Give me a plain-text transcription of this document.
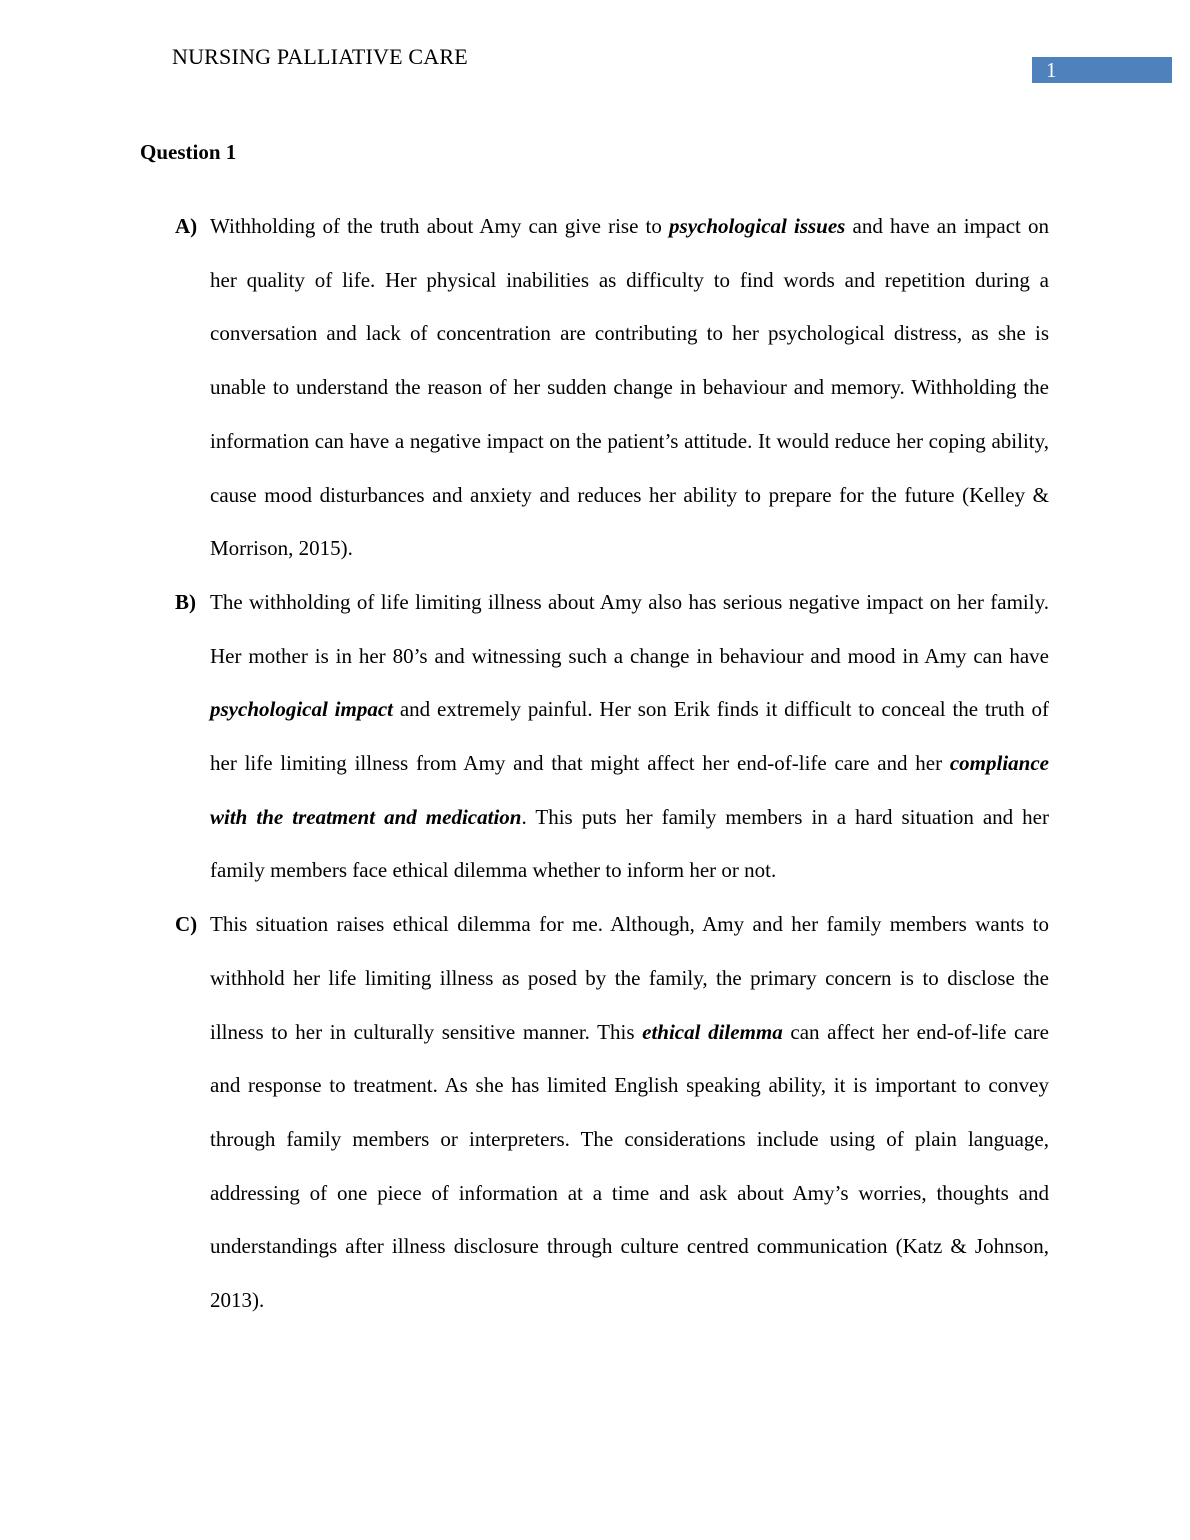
NURSING PALLIATIVE CARE
1
Question 1
A) Withholding of the truth about Amy can give rise to psychological issues and have an impact on her quality of life. Her physical inabilities as difficulty to find words and repetition during a conversation and lack of concentration are contributing to her psychological distress, as she is unable to understand the reason of her sudden change in behaviour and memory. Withholding the information can have a negative impact on the patient’s attitude. It would reduce her coping ability, cause mood disturbances and anxiety and reduces her ability to prepare for the future (Kelley & Morrison, 2015).
B) The withholding of life limiting illness about Amy also has serious negative impact on her family. Her mother is in her 80’s and witnessing such a change in behaviour and mood in Amy can have psychological impact and extremely painful. Her son Erik finds it difficult to conceal the truth of her life limiting illness from Amy and that might affect her end-of-life care and her compliance with the treatment and medication. This puts her family members in a hard situation and her family members face ethical dilemma whether to inform her or not.
C) This situation raises ethical dilemma for me. Although, Amy and her family members wants to withhold her life limiting illness as posed by the family, the primary concern is to disclose the illness to her in culturally sensitive manner. This ethical dilemma can affect her end-of-life care and response to treatment. As she has limited English speaking ability, it is important to convey through family members or interpreters. The considerations include using of plain language, addressing of one piece of information at a time and ask about Amy’s worries, thoughts and understandings after illness disclosure through culture centred communication (Katz & Johnson, 2013).
